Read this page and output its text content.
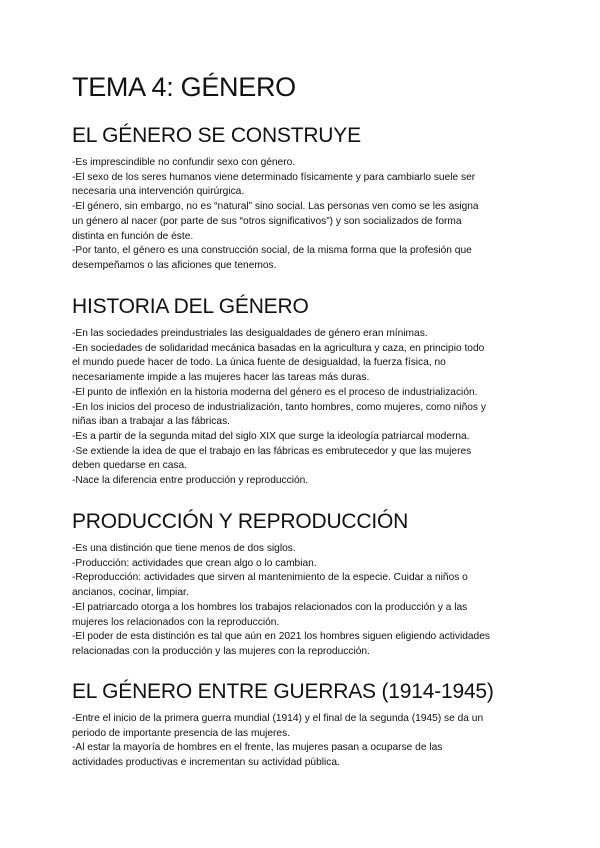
TEMA 4: GÉNERO
EL GÉNERO SE CONSTRUYE

-Es imprescindible no confundir sexo con género.

-El sexo de los seres humanos viene determinado físicamente y para cambiarlo suele ser

necesaria una intervención quirúrgica.

-El género, sin embargo, no es “natural” sino social. Las personas ven como se les asigna

un género al nacer (por parte de sus “otros significativos”) y son socializados de forma

distinta en función de éste.

-Por tanto, el género es una construcción social, de la misma forma que la profesión que

desempeñamos o las aficiones que tenemos.

HISTORIA DEL GÉNERO

-En las sociedades preindustriales las desigualdades de género eran mínimas.

-En sociedades de solidaridad mecánica basadas en la agricultura y caza, en principio todo

el mundo puede hacer de todo. La única fuente de desigualdad, la fuerza física, no

necesariamente impide a las mujeres hacer las tareas más duras.

-El punto de inflexión en la historia moderna del género es el proceso de industrialización.

-En los inicios del proceso de industrialización, tanto hombres, como mujeres, como niños y

niñas iban a trabajar a las fábricas.

-Es a partir de la segunda mitad del siglo XIX que surge la ideología patriarcal moderna.

-Se extiende la idea de que el trabajo en las fábricas es embrutecedor y que las mujeres

deben quedarse en casa.

-Nace la diferencia entre producción y reproducción.

PRODUCCIÓN Y REPRODUCCIÓN

-Es una distinción que tiene menos de dos siglos.

-Producción: actividades que crean algo o lo cambian.

-Reproducción: actividades que sirven al mantenimiento de la especie. Cuidar a niños o

ancianos, cocinar, limpiar.

-El patriarcado otorga a los hombres los trabajos relacionados con la producción y a las

mujeres los relacionados con la reproducción.

-El poder de esta distinción es tal que aún en 2021 los hombres siguen eligiendo actividades

relacionadas con la producción y las mujeres con la reproducción.

EL GÉNERO ENTRE GUERRAS (1914-1945)

-Entre el inicio de la primera guerra mundial (1914) y el final de la segunda (1945) se da un

periodo de importante presencia de las mujeres.

-Al estar la mayoría de hombres en el frente, las mujeres pasan a ocuparse de las

actividades productivas e incrementan su actividad pública.
